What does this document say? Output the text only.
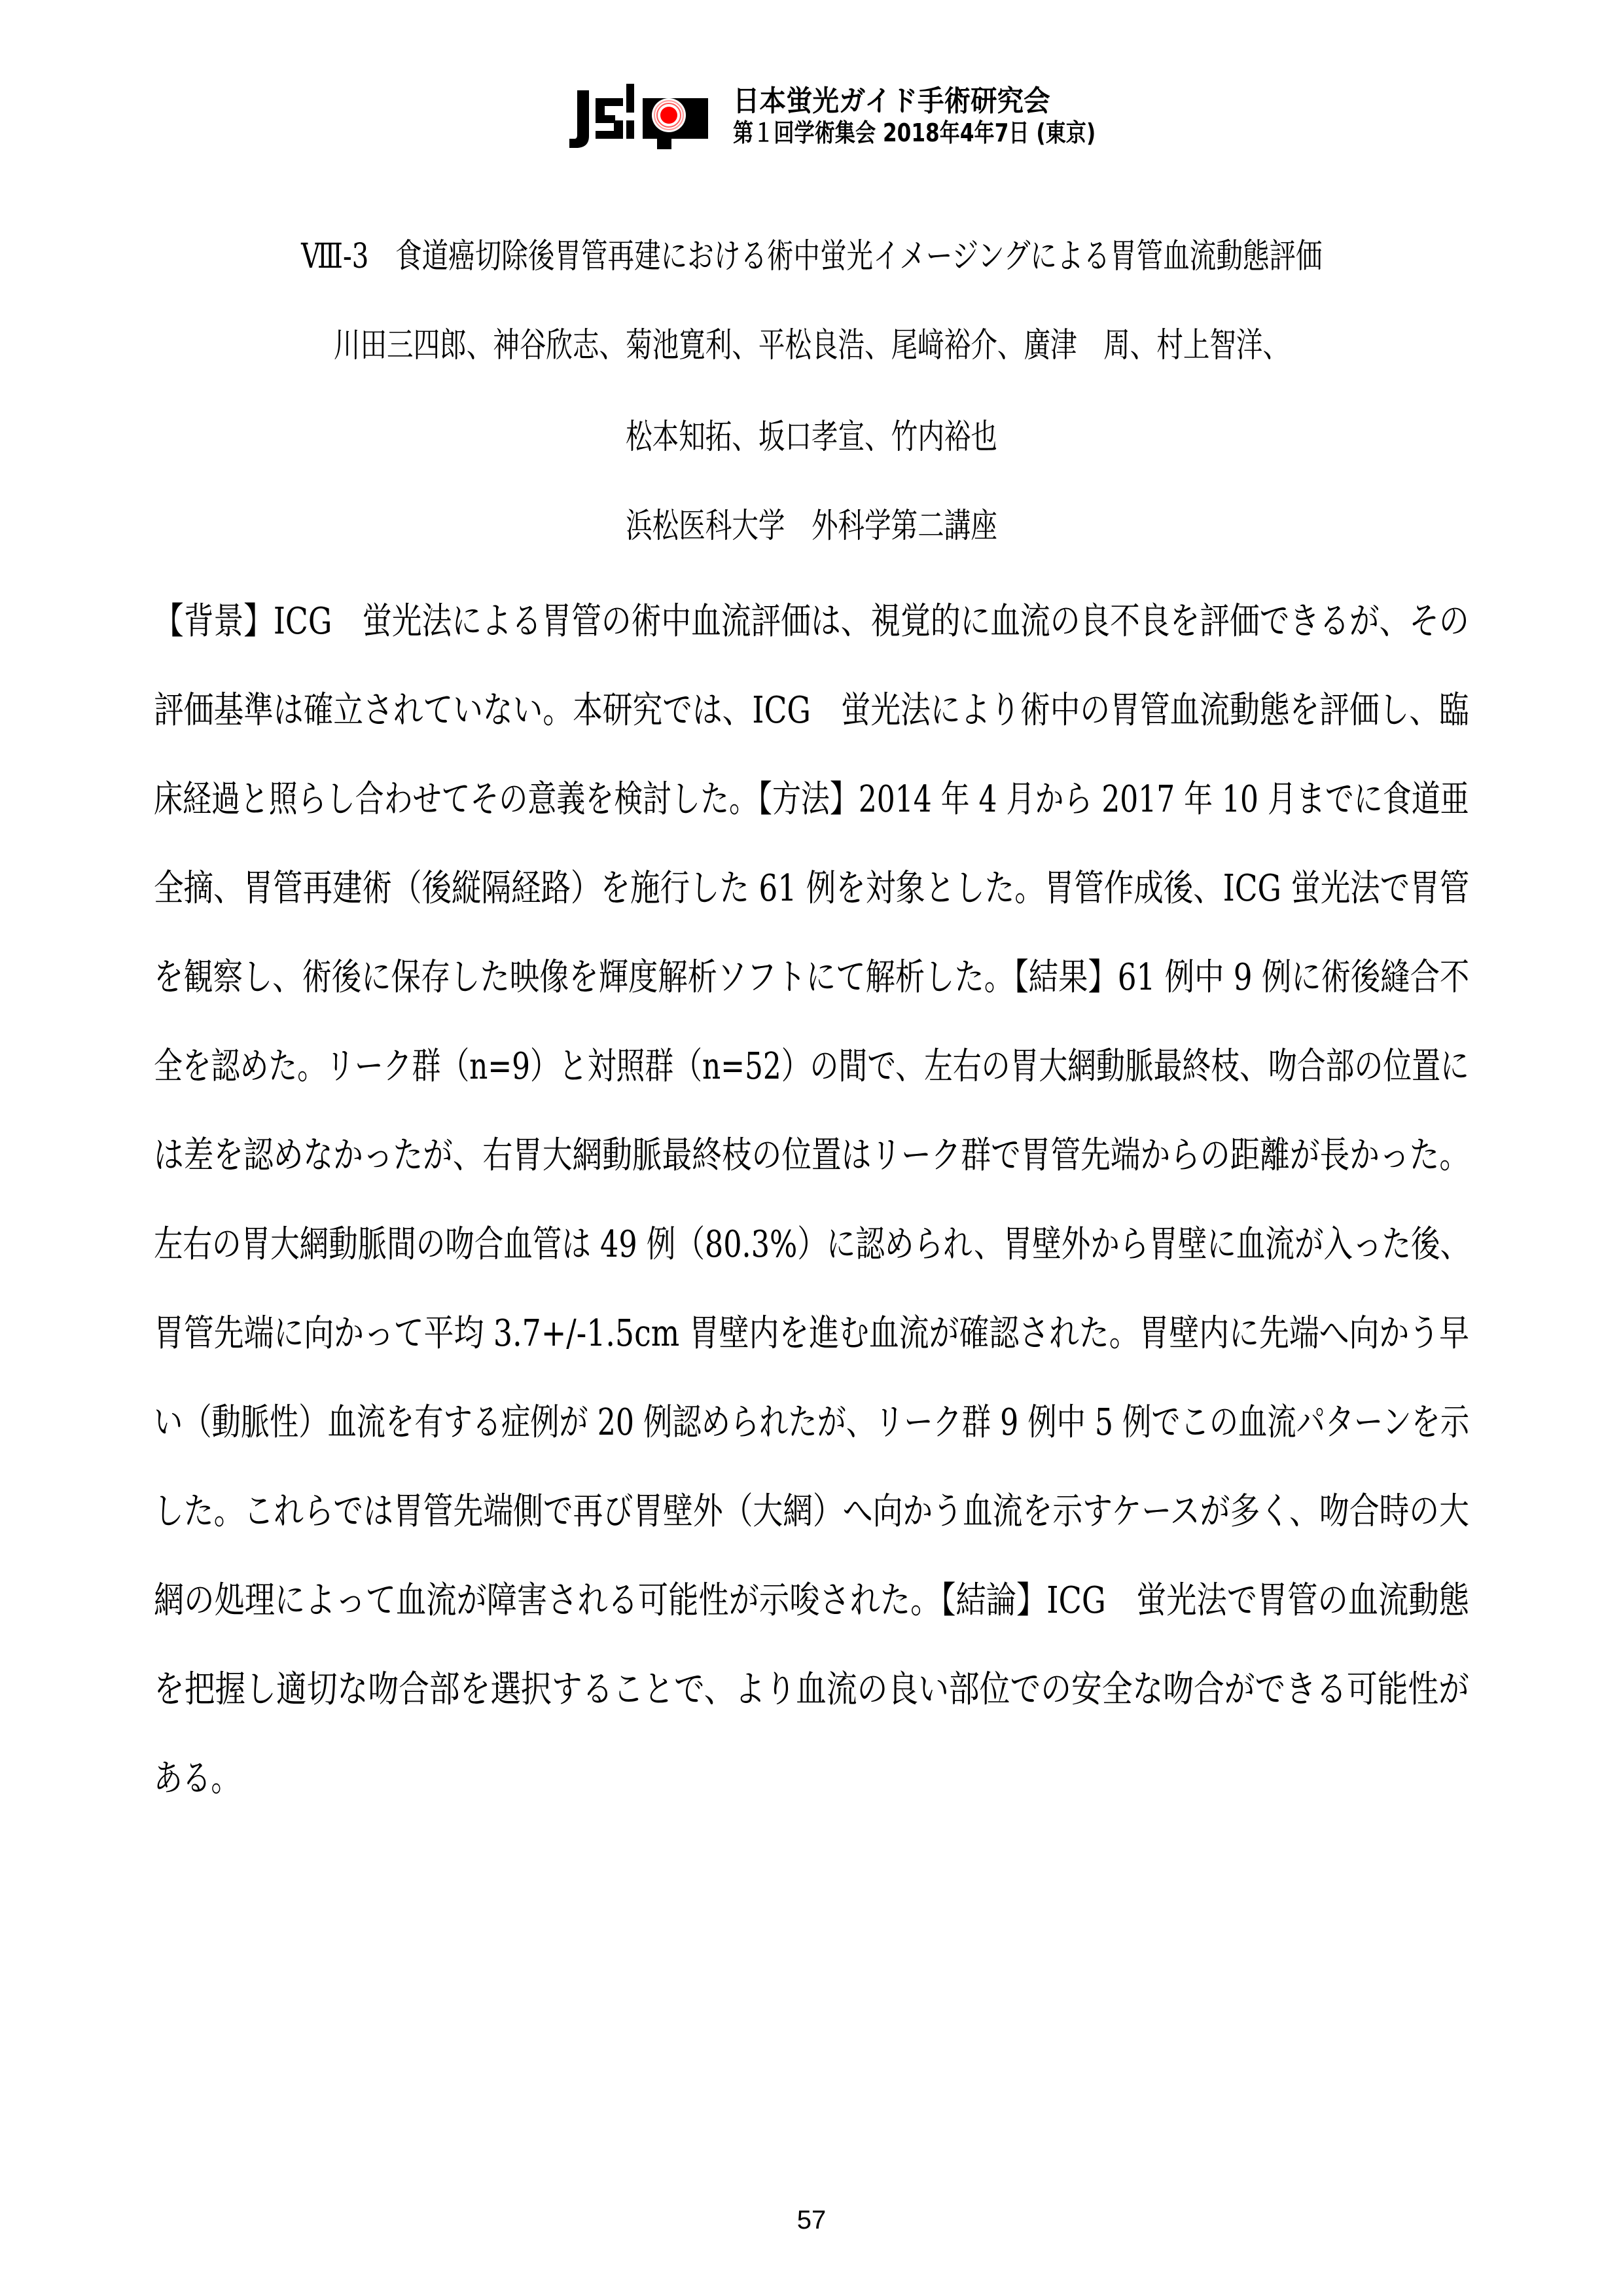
日本蛍光ガイド手術研究会
第１回学術集会 2018年4年7日 (東京)
Ⅷ-3　食道癌切除後胃管再建における術中蛍光イメージングによる胃管血流動態評価
川田三四郎、神谷欣志、菊池寛利、平松良浩、尾﨑裕介、廣津　周、村上智洋、
松本知拓、坂口孝宣、竹内裕也
浜松医科大学　外科学第二講座
【背景】ICG　蛍光法による胃管の術中血流評価は、視覚的に血流の良不良を評価できるが、その
評価基準は確立されていない。本研究では、ICG　蛍光法により術中の胃管血流動態を評価し、臨
床経過と照らし合わせてその意義を検討した。【方法】2014 年 4 月から 2017 年 10 月までに食道亜
全摘、胃管再建術（後縦隔経路）を施行した 61 例を対象とした。胃管作成後、ICG 蛍光法で胃管
を観察し、術後に保存した映像を輝度解析ソフトにて解析した。【結果】61 例中 9 例に術後縫合不
全を認めた。リーク群（n=9）と対照群（n=52）の間で、左右の胃大網動脈最終枝、吻合部の位置に
は差を認めなかったが、右胃大網動脈最終枝の位置はリーク群で胃管先端からの距離が長かった。
左右の胃大網動脈間の吻合血管は 49 例（80.3%）に認められ、胃壁外から胃壁に血流が入った後、
胃管先端に向かって平均 3.7+/-1.5cm 胃壁内を進む血流が確認された。胃壁内に先端へ向かう早
い（動脈性）血流を有する症例が 20 例認められたが、リーク群 9 例中 5 例でこの血流パターンを示
した。これらでは胃管先端側で再び胃壁外（大網）へ向かう血流を示すケースが多く、吻合時の大
網の処理によって血流が障害される可能性が示唆された。【結論】ICG　蛍光法で胃管の血流動態
を把握し適切な吻合部を選択することで、より血流の良い部位での安全な吻合ができる可能性が
ある。
57
